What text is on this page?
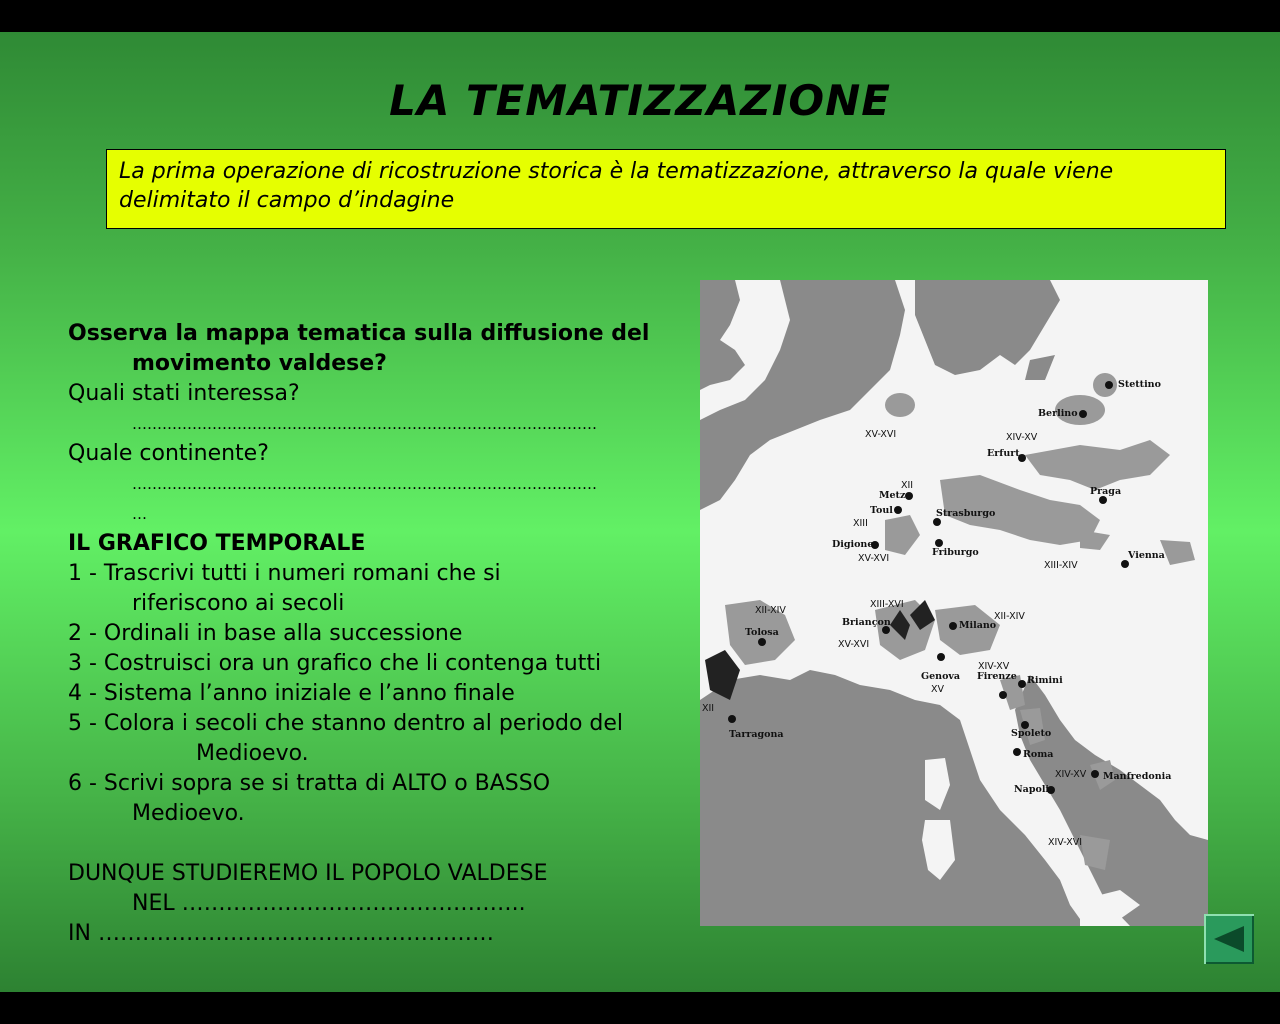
LA TEMATIZZAZIONE
La prima operazione di ricostruzione storica è la tematizzazione, attraverso la quale viene
delimitato il campo d’indagine
Osserva la mappa tematica sulla diffusione del
movimento valdese?
Quali stati interessa?
…………………………………………………………………………………
Quale continente?
…………………………………………………………………………………
…
IL GRAFICO TEMPORALE
1 - Trascrivi tutti i numeri romani che si
riferiscono ai secoli
2 - Ordinali in base alla successione
3 - Costruisci ora un grafico che li contenga tutti
4 - Sistema l’anno iniziale e l’anno finale
5 - Colora i secoli che stanno dentro al periodo del
Medioevo.
6 - Scrivi sopra se si tratta di ALTO o BASSO
Medioevo.
DUNQUE STUDIEREMO IL POPOLO VALDESE
NEL ………………………………………..
IN ………………………………………………
Stettino
Berlino
Erfurt
Praga
Metz
Toul	Strasburgo
Digione
Friburgo	Vienna
Briançon	Milano
Tolosa
Genova Firenze Rimini
Tarragona	Spoleto
Roma
Manfredonia
Napoli
XV-XVI	XIV-XV
XII
XIII
XV-XVI
XIII-XIV
XIII-XVI
XII-XIV
XII-XIV
XV-XVI
XIV-XV
XV
XII
XIV-XV
XIV-XVI
